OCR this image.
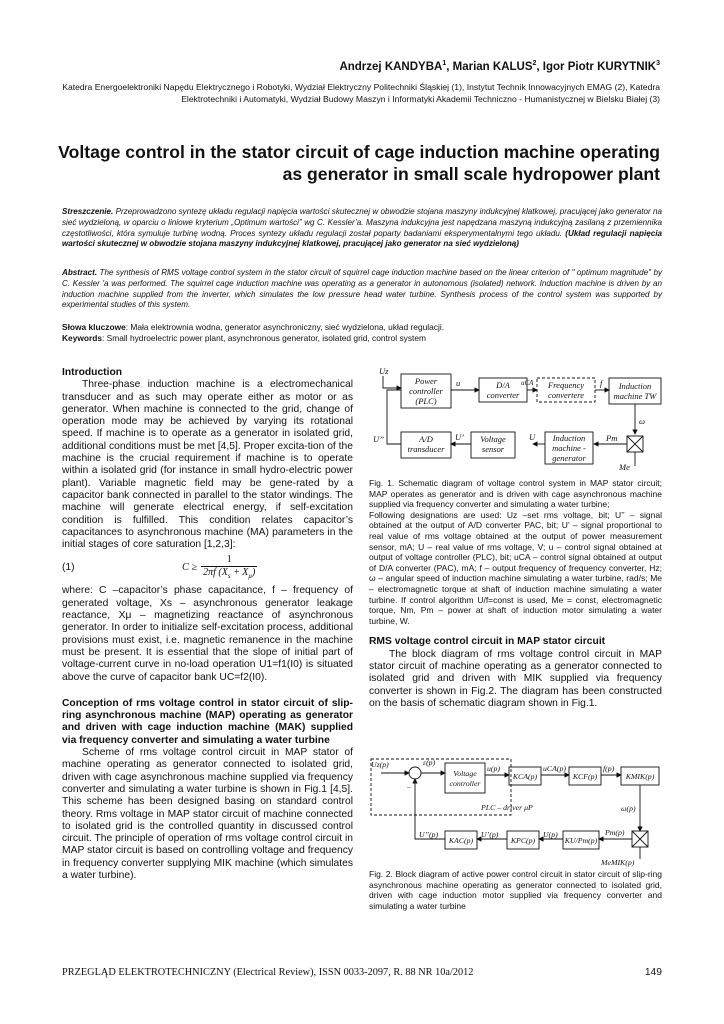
Andrzej KANDYBA$^1$, Marian KALUS$^2$, Igor Piotr KURYTNIK$^3$
Katedra Energoelektroniki Napędu Elektrycznego i Robotyki, Wydział Elektryczny Politechniki Śląskiej (1), Instytut Technik Innowacyjnych EMAG (2), Katedra Elektrotechniki i Automatyki, Wydział Budowy Maszyn i Informatyki Akademii Techniczno - Humanistycznej w Bielsku Białej (3)
Voltage control in the stator circuit of cage induction machine operating as generator in small scale hydropower plant
Streszczenie. Przeprowadzono syntezę układu regulacji napięcia wartości skutecznej w obwodzie stojana maszyny indukcyjnej klatkowej, pracującej jako generator na sieć wydzieloną, w oparciu o liniowe kryterium „Optimum wartości” wg C. Kessler’a. Maszyna indukcyjna jest napędzana maszyną indukcyjną zasilaną z przemiennika częstotliwości, która symuluje turbinę wodną. Proces syntezy układu regulacji został poparty badaniami eksperymentalnymi tego układu. (Układ regulacji napięcia wartości skutecznej w obwodzie stojana maszyny indukcyjnej klatkowej, pracującej jako generator na sieć wydzieloną)
Abstract. The synthesis of RMS voltage control system in the stator circuit of squirrel cage induction machine based on the linear criterion of " optimum magnitude" by C. Kessler 'a was performed. The squirrel cage induction machine was operating as a generator in autonomous (isolated) network. Induction machine is driven by an induction machine supplied from the inverter, which simulates the low pressure head water turbine. Synthesis process of the control system was supported by experimental studies of this system.
Słowa kluczowe: Mała elektrownia wodna, generator asynchroniczny, sieć wydzielona, układ regulacji.
Keywords: Small hydroelectric power plant, asynchronous generator, isolated grid, control system
Introduction

Three-phase induction machine is a electromechanical transducer and as such may operate either as motor or as generator. When machine is connected to the grid, change of operation mode may be achieved by varying its rotational speed. If machine is to operate as a generator in isolated grid, additional conditions must be met [4,5]. Proper excita-tion of the machine is the crucial requirement if machine is to operate within a isolated grid (for instance in small hydro-electric power plant). Variable magnetic field may be gene-rated by a capacitor bank connected in parallel to the stator windings. The machine will generate electrical energy, if self-excitation condition is fulfilled. This condition relates capacitor’s capacitances to asynchronous machine (MA) parameters in the initial stages of core saturation [1,2,3]:

(1)	$C \ge \frac{1}{2\pi f (X_s + X_\mu)}$

where: C –capacitor’s phase capacitance, f – frequency of generated voltage, Xs – asynchronous generator leakage reactance, Xμ – magnetizing reactance of asynchronous generator. In order to initialize self-excitation process, additional provisions must exist, i.e. magnetic remanence in the machine must be present. It is essential that the slope of initial part of voltage-current curve in no-load operation U1=f1(I0) is situated above the curve of capacitor bank UC=f2(I0).

Conception of rms voltage control in stator circuit of slip-ring asynchronous machine (MAP) operating as generator and driven with cage induction machine (MAK) supplied via frequency converter and simulating a water turbine

Scheme of rms voltage control circuit in MAP stator of machine operating as generator connected to isolated grid, driven with cage asynchronous machine supplied via frequency converter and simulating a water turbine is shown in Fig.1 [4,5]. This scheme has been designed basing on standard control theory. Rms voltage in MAP stator circuit of machine connected to isolated grid is the controlled quantity in discussed control circuit. The principle of operation of rms voltage control circuit in MAP stator circuit is based on controlling voltage and frequency in frequency converter supplying MIK machine (which simulates a water turbine).

Uz
Power
controller
(PLC)
u	D/A
converter
uCA Frequency
convertere
f Induction
machine TW
ω
U’’	A/D
transducer
U’ Voltage
sensor
U Induction
machine -
generator
Pm
Me
Fig. 1. Schematic diagram of voltage control system in MAP stator circuit; MAP operates as generator and is driven with cage asynchronous machine supplied via frequency converter and simulating a water turbine;
Following designations are used: Uz –set rms voltage, bit; U’’ – signal obtained at the output of A/D converter PAC, bit; U’ – signal proportional to real value of rms voltage obtained at the output of power measurement sensor, mA; U – real value of rms voltage, V; u – control signal obtained at output of voltage controller (PLC), bit; uCA – control signal obtained at output of D/A converter (PAC), mA; f – output frequency of frequency converter, Hz; ω – angular speed of induction machine simulating a water turbine, rad/s; Me – electromagnetic torque at shaft of induction machine simulating a water turbine. If control algorithm U/f=const is used, Me = const, electromagnetic torque, Nm, Pm – power at shaft of induction motor simulating a water turbine, W.
RMS voltage control circuit in MAP stator circuit

The block diagram of rms voltage control circuit in MAP stator circuit of machine operating as a generator connected to isolated grid and driven with MIK supplied via frequency converter is shown in Fig.2. The diagram has been constructed on the basis of schematic diagram shown in Fig.1.

Uz(p)	ε(p)
Voltage
controller
u(p)
KCA(p)
uCA(p)
KCF(p)
f(p)
KMIK(p)
PLC – driver μP	ω(p)
U’’(p)
KAC(p)
U’(p)
KPC(p)
U(p)
KU/Pm(p)
Pm(p)
MeMIK(p)
–
Fig. 2. Block diagram of active power control circuit in stator circuit of slip-ring asynchronous machine operating as generator connected to isolated grid, driven with cage induction motor supplied via frequency converter and simulating a water turbine
PRZEGLĄD ELEKTROTECHNICZNY (Electrical Review), ISSN 0033-2097, R. 88 NR 10a/2012	149
